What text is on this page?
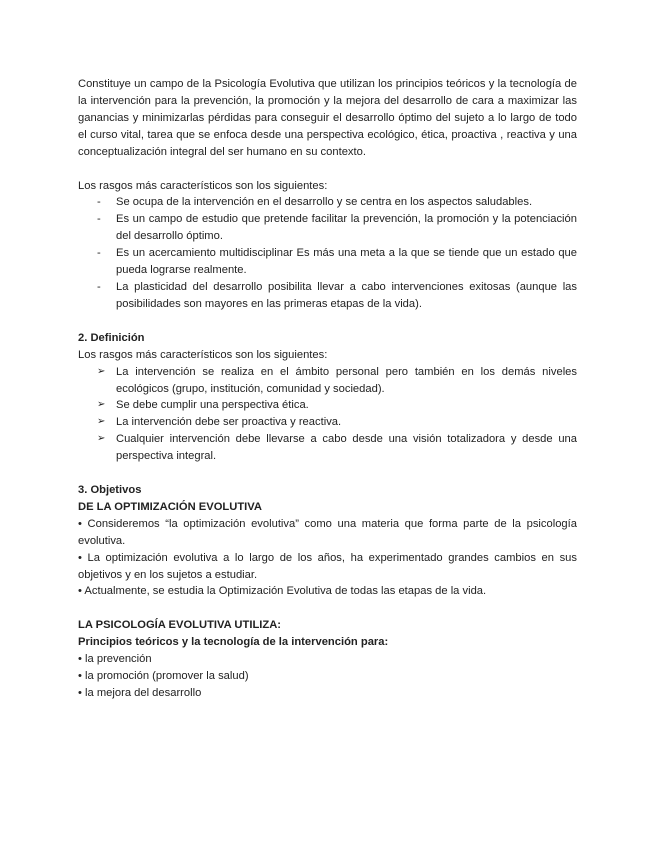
Constituye un campo de la Psicología Evolutiva que utilizan los principios teóricos y la tecnología de la intervención para la prevención, la promoción y la mejora del desarrollo de cara a maximizar las ganancias y minimizarlas pérdidas para conseguir el desarrollo óptimo del sujeto a lo largo de todo el curso vital, tarea que se enfoca desde una perspectiva ecológico, ética, proactiva , reactiva y una conceptualización integral del ser humano en su contexto.

Los rasgos más característicos son los siguientes:

- Se ocupa de la intervención en el desarrollo y se centra en los aspectos saludables.
- Es un campo de estudio que pretende facilitar la prevención, la promoción y la potenciación del desarrollo óptimo.
- Es un acercamiento multidisciplinar Es más una meta a la que se tiende que un estado que pueda lograrse realmente.
- La plasticidad del desarrollo posibilita llevar a cabo intervenciones exitosas (aunque las posibilidades son mayores en las primeras etapas de la vida).

2. Definición

Los rasgos más característicos son los siguientes:

➢ La intervención se realiza en el ámbito personal pero también en los demás niveles ecológicos (grupo, institución, comunidad y sociedad).
➢ Se debe cumplir una perspectiva ética.
➢ La intervención debe ser proactiva y reactiva.
➢ Cualquier intervención debe llevarse a cabo desde una visión totalizadora y desde una perspectiva integral.

3. Objetivos

DE LA OPTIMIZACIÓN EVOLUTIVA

• Consideremos “la optimización evolutiva” como una materia que forma parte de la psicología evolutiva.

• La optimización evolutiva a lo largo de los años, ha experimentado grandes cambios en sus objetivos y en los sujetos a estudiar.

• Actualmente, se estudia la Optimización Evolutiva de todas las etapas de la vida.

LA PSICOLOGÍA EVOLUTIVA UTILIZA:

Principios teóricos y la tecnología de la intervención para:

• la prevención

• la promoción (promover la salud)

• la mejora del desarrollo
